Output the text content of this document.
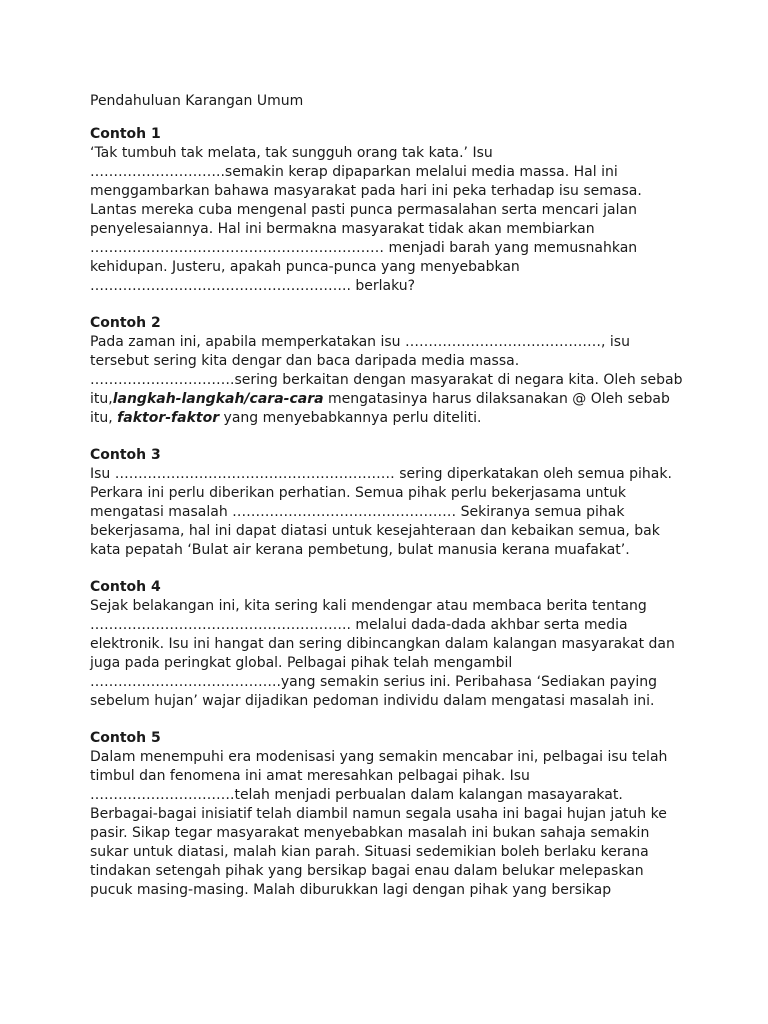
Pendahuluan Karangan Umum

Contoh 1

‘Tak tumbuh tak melata, tak sungguh orang tak kata.’ Isu

………………………..semakin kerap dipaparkan melalui media massa. Hal ini

menggambarkan bahawa masyarakat pada hari ini peka terhadap isu semasa.

Lantas mereka cuba mengenal pasti punca permasalahan serta mencari jalan

penyelesaiannya. Hal ini bermakna masyarakat tidak akan membiarkan

……………………………………………………… menjadi barah yang memusnahkan

kehidupan. Justeru, apakah punca-punca yang menyebabkan

……………………………………………….. berlaku?

Contoh 2

Pada zaman ini, apabila memperkatakan isu ……………………………………, isu

tersebut sering kita dengar dan baca daripada media massa.

………………………….sering berkaitan dengan masyarakat di negara kita. Oleh sebab

itu,langkah-langkah/cara-cara mengatasinya harus dilaksanakan @ Oleh sebab

itu, faktor-faktor yang menyebabkannya perlu diteliti.

Contoh 3

Isu …………………………………………………… sering diperkatakan oleh semua pihak.

Perkara ini perlu diberikan perhatian. Semua pihak perlu bekerjasama untuk

mengatasi masalah ………………………………………… Sekiranya semua pihak

bekerjasama, hal ini dapat diatasi untuk kesejahteraan dan kebaikan semua, bak

kata pepatah ‘Bulat air kerana pembetung, bulat manusia kerana muafakat’.

Contoh 4

Sejak belakangan ini, kita sering kali mendengar atau membaca berita tentang

……………………………………………….. melalui dada-dada akhbar serta media

elektronik. Isu ini hangat dan sering dibincangkan dalam kalangan masyarakat dan

juga pada peringkat global. Pelbagai pihak telah mengambil

…………………………………..yang semakin serius ini. Peribahasa ‘Sediakan paying

sebelum hujan’ wajar dijadikan pedoman individu dalam mengatasi masalah ini.

Contoh 5

Dalam menempuhi era modenisasi yang semakin mencabar ini, pelbagai isu telah

timbul dan fenomena ini amat meresahkan pelbagai pihak. Isu

………………………….telah menjadi perbualan dalam kalangan masayarakat.

Berbagai-bagai inisiatif telah diambil namun segala usaha ini bagai hujan jatuh ke

pasir. Sikap tegar masyarakat menyebabkan masalah ini bukan sahaja semakin

sukar untuk diatasi, malah kian parah. Situasi sedemikian boleh berlaku kerana

tindakan setengah pihak yang bersikap bagai enau dalam belukar melepaskan

pucuk masing-masing. Malah diburukkan lagi dengan pihak yang bersikap
